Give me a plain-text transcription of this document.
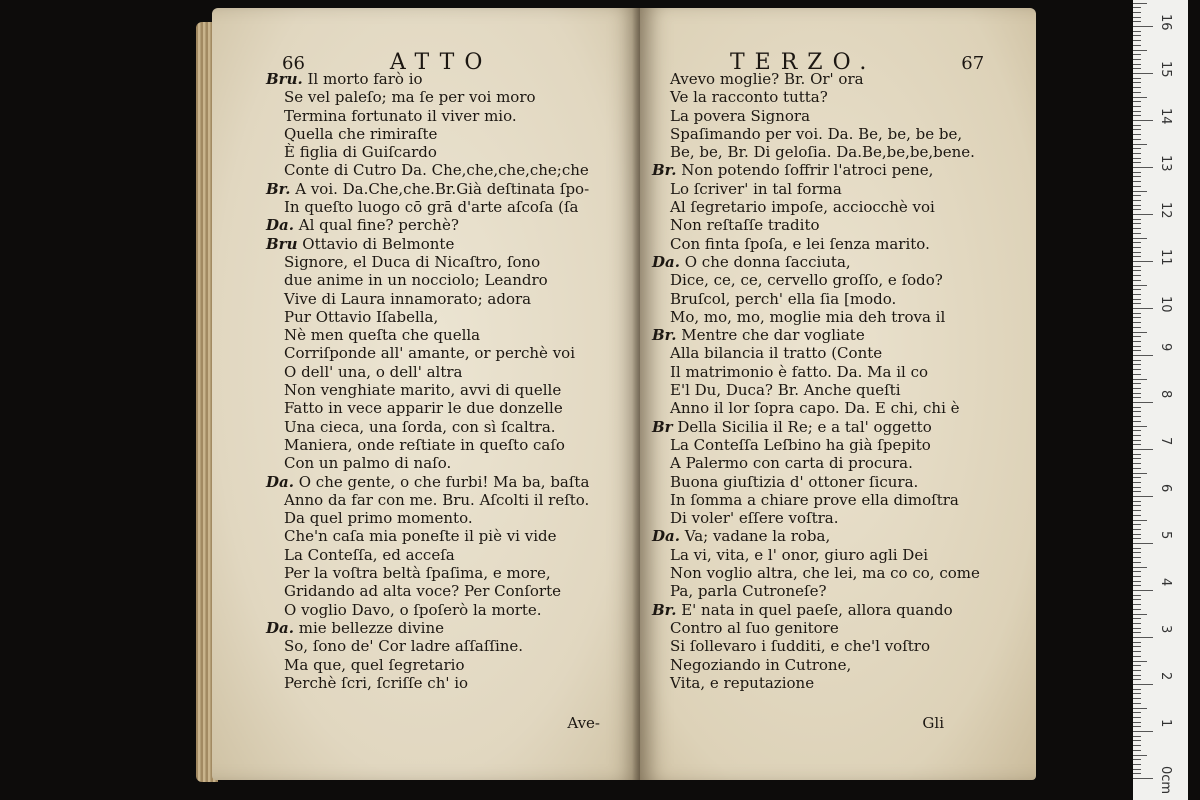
66	ATTO
Bru. Il morto farò io
Se vel paleſo; ma ſe per voi moro
Termina fortunato il viver mio.
Quella che rimiraſte
È figlia di Guiſcardo
Conte di Cutro Da. Che,che,che,che;che
Br. A voi. Da.Che,che.Br.Già deſtinata ſpo-
In queſto luogo cō grā d'arte aſcoſa (ſa
Da. Al qual fine? perchè?
Bru Ottavio di Belmonte
Signore, el Duca di Nicaſtro, ſono
due anime in un nocciolo; Leandro
Vive di Laura innamorato; adora
Pur Ottavio Iſabella,
Nè men queſta che quella
Corriſponde all' amante, or perchè voi
O dell' una, o dell' altra
Non venghiate marito, avvi di quelle
Fatto in vece apparir le due donzelle
Una cieca, una ſorda, con sì ſcaltra.
Maniera, onde reſtiate in queſto caſo
Con un palmo di naſo.
Da. O che gente, o che furbi! Ma ba, baſta
Anno da far con me. Bru. Aſcolti il reſto.
Da quel primo momento.
Che'n caſa mia poneſte il piè vi vide
La Conteſſa, ed acceſa
Per la voſtra beltà ſpaſima, e more,
Gridando ad alta voce? Per Conſorte
O voglio Davo, o ſpoſerò la morte.
Da. mie bellezze divine
So, ſono de' Cor ladre aſſaſſine.
Ma que, quel ſegretario
Perchè ſcri, ſcriſſe ch' io
Ave-
TERZO.	67
Avevo moglie? Br. Or' ora
Ve la racconto tutta?
La povera Signora
Spaſimando per voi. Da. Be, be, be be,
Be, be, Br. Di geloſia. Da.Be,be,be,bene.
Br. Non potendo ſoffrir l'atroci pene,
Lo ſcriver' in tal forma
Al ſegretario impoſe, acciocchè voi
Non reſtaſſe tradito
Con finta ſpoſa, e lei ſenza marito.
Da. O che donna ſacciuta,
Dice, ce, ce, cervello groſſo, e ſodo?
Bruſcol, perch' ella ſia [modo.
Mo, mo, mo, moglie mia deh trova il
Br. Mentre che dar vogliate
Alla bilancia il tratto (Conte
Il matrimonio è fatto. Da. Ma il co
E'l Du, Duca? Br. Anche queſti
Anno il lor ſopra capo. Da. E chi, chi è
Br Della Sicilia il Re; e a tal' oggetto
La Conteſſa Leſbino ha già ſpepito
A Palermo con carta di procura.
Buona giuſtizia d' ottoner ſicura.
In ſomma a chiare prove ella dimoſtra
Di voler' eſſere voſtra.
Da. Va; vadane la roba,
La vi, vita, e l' onor, giuro agli Dei
Non voglio altra, che lei, ma co co, come
Pa, parla Cutroneſe?
Br. E' nata in quel paeſe, allora quando
Contro al ſuo genitore
Si ſollevaro i ſudditi, e che'l voſtro
Negoziando in Cutrone,
Vita, e reputazione
Gli
0cm
1
2
3
4
5
6
7
8
9
10
11
12
13
14
15
16
